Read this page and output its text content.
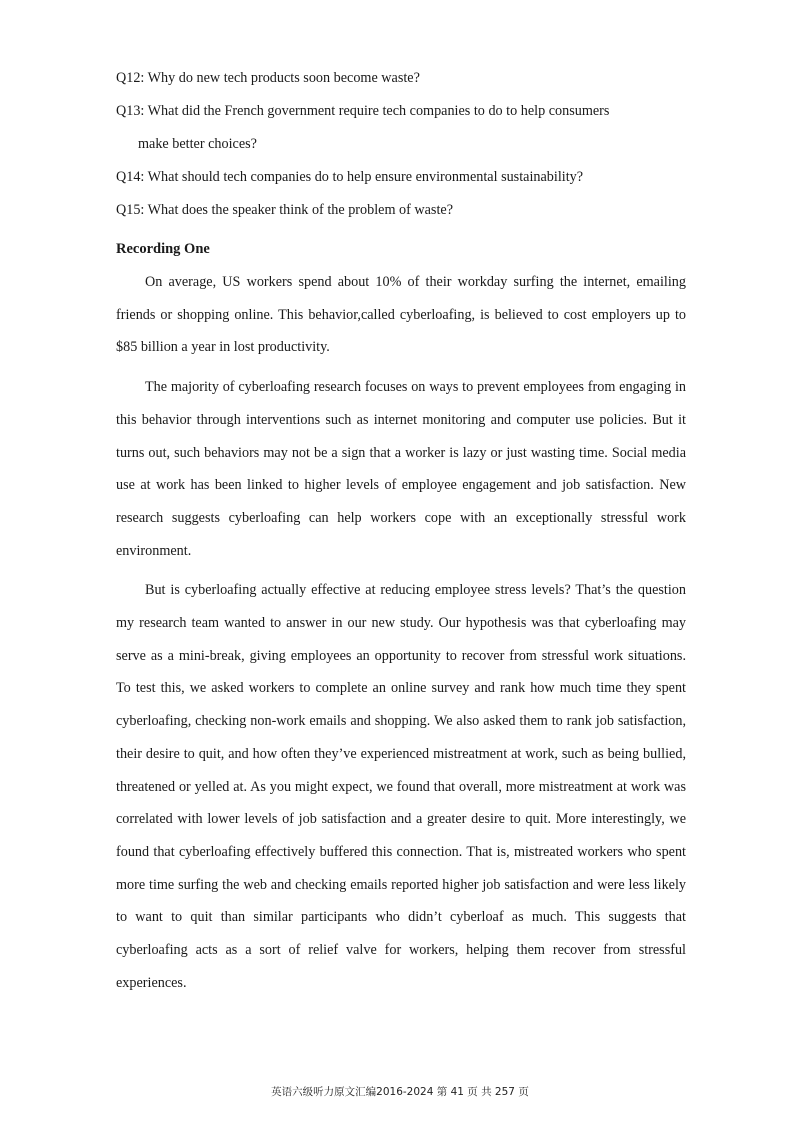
Q12: Why do new tech products soon become waste?

Q13: What did the French government require tech companies to do to help consumers
make better choices?

Q14: What should tech companies do to help ensure environmental sustainability?

Q15: What does the speaker think of the problem of waste?

Recording One

On average, US workers spend about 10% of their workday surfing the internet, emailing friends or shopping online. This behavior,called cyberloafing, is believed to cost employers up to $85 billion a year in lost productivity.

The majority of cyberloafing research focuses on ways to prevent employees from engaging in this behavior through interventions such as internet monitoring and computer use policies. But it turns out, such behaviors may not be a sign that a worker is lazy or just wasting time. Social media use at work has been linked to higher levels of employee engagement and job satisfaction. New research suggests cyberloafing can help workers cope with an exceptionally stressful work environment.

But is cyberloafing actually effective at reducing employee stress levels? That’s the question my research team wanted to answer in our new study. Our hypothesis was that cyberloafing may serve as a mini-break, giving employees an opportunity to recover from stressful work situations. To test this, we asked workers to complete an online survey and rank how much time they spent cyberloafing, checking non-work emails and shopping. We also asked them to rank job satisfaction, their desire to quit, and how often they’ve experienced mistreatment at work, such as being bullied, threatened or yelled at. As you might expect, we found that overall, more mistreatment at work was correlated with lower levels of job satisfaction and a greater desire to quit. More interestingly, we found that cyberloafing effectively buffered this connection. That is, mistreated workers who spent more time surfing the web and checking emails reported higher job satisfaction and were less likely to want to quit than similar participants who didn’t cyberloaf as much. This suggests that cyberloafing acts as a sort of relief valve for workers, helping them recover from stressful experiences.

英语六级听力原文汇编2016-2024 第 41 页 共 257 页
